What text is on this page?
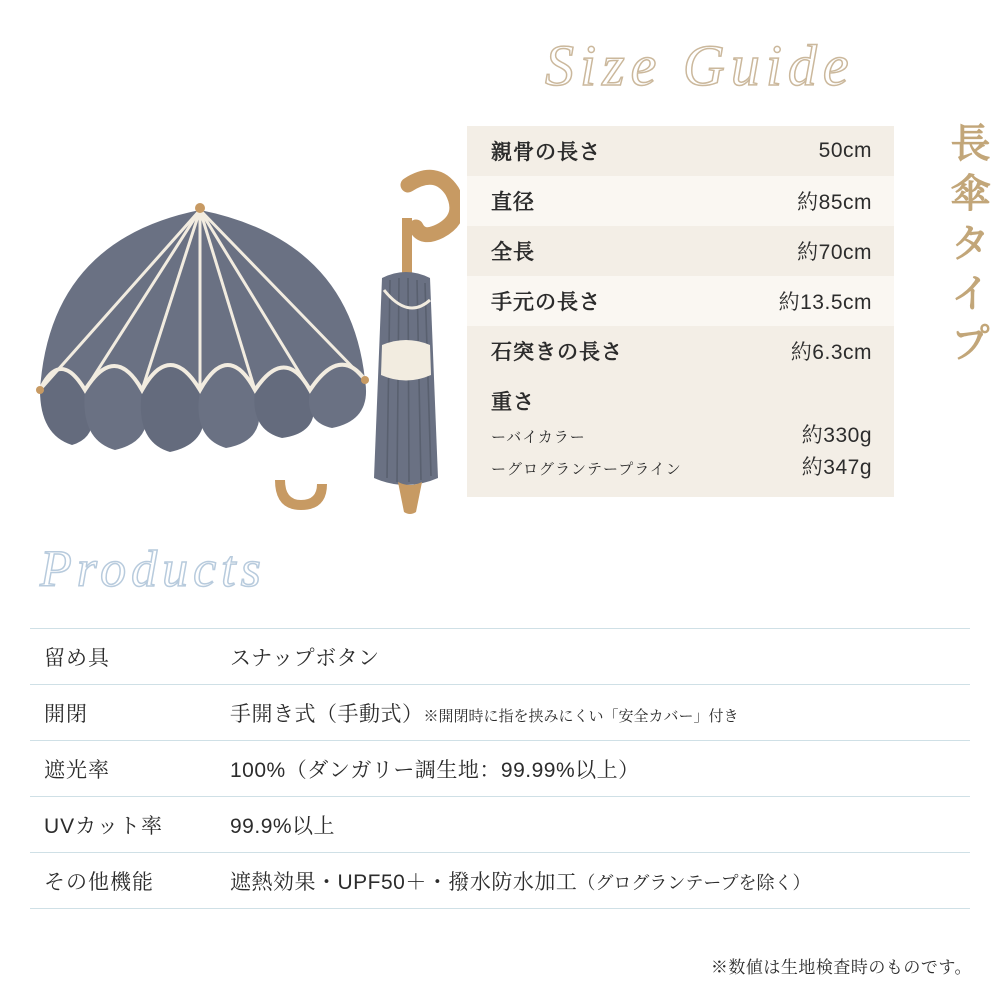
Size Guide
長傘タイプ
親骨の長さ	50cm
直径	約85cm
全長	約70cm
手元の長さ	約13.5cm
石突きの長さ	約6.3cm
重さ
ーバイカラー	約330g
ーグログランテープライン	約347g
Products
留め具	スナップボタン
開閉	手開き式（手動式）※開閉時に指を挟みにくい「安全カバー」付き
遮光率	100%（ダンガリー調生地：99.99%以上）
UVカット率	99.9%以上
その他機能	遮熱効果・UPF50＋・撥水防水加工（グログランテープを除く）
※数値は生地検査時のものです。
